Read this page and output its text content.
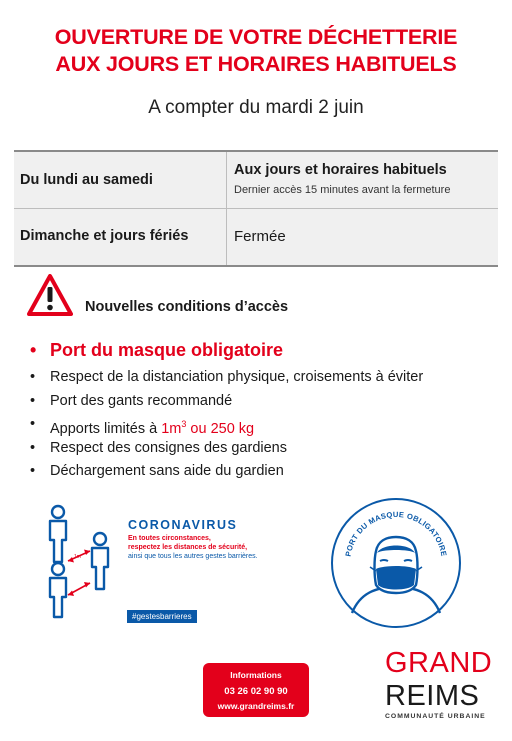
OUVERTURE DE VOTRE DÉCHETTERIE
AUX JOURS ET HORAIRES HABITUELS
A compter du mardi 2 juin
Du lundi au samedi
Aux jours et horaires habituels
Dernier accès 15 minutes avant la fermeture
Dimanche et jours fériés	Fermée
Nouvelles conditions d’accès
• Port du masque obligatoire
• Respect de la distanciation physique, croisements à éviter
• Port des gants recommandé
• Apports limités à $1m^3$ ou 250 kg
• Respect des consignes des gardiens
• Déchargement sans aide du gardien
1m
CORONAVIRUS
En toutes circonstances,
respectez les distances de sécurité,
ainsi que tous les autres gestes barrières.
#gestesbarrieres
PORT DU MASQUE OBLIGATOIRE
Informations
03 26 02 90 90
www.grandreims.fr
GRAND
REIMS
COMMUNAUTÉ URBAINE
